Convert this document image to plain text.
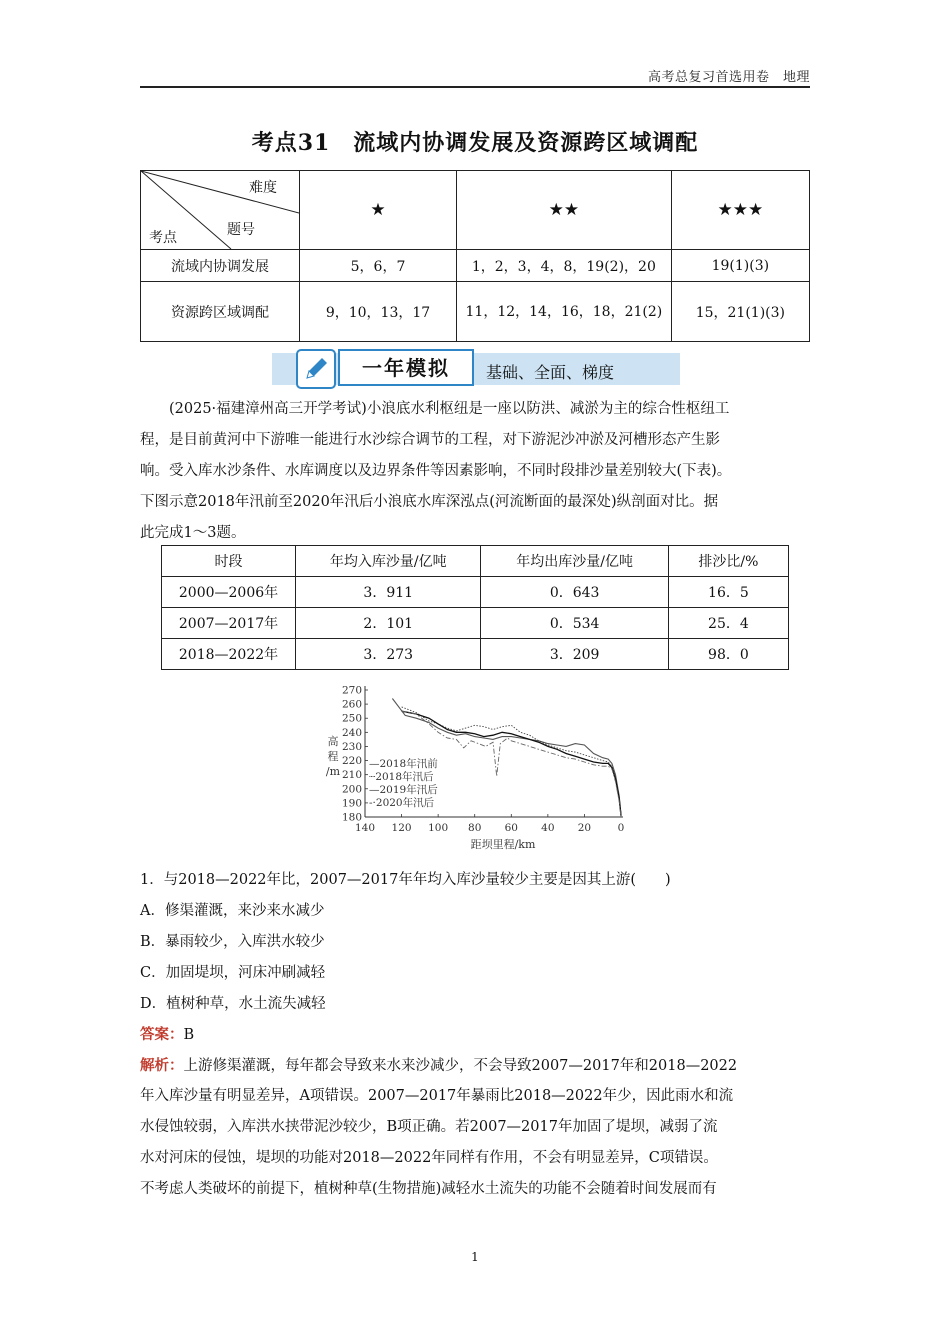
高考总复习首选用卷　地理
考点31　流域内协调发展及资源跨区域调配
难度
题号
考点	★	★★	★★★
流域内协调发展	5，6，7	1，2，3，4，8，19(2)，20	19(1)(3)
资源跨区域调配	9，10，13，17	11，12，14，16，18，21(2)	15，21(1)(3)
一年模拟	基础、全面、梯度
(2025·福建漳州高三开学考试)小浪底水利枢纽是一座以防洪、减淤为主的综合性枢纽工
程，是目前黄河中下游唯一能进行水沙综合调节的工程，对下游泥沙冲淤及河槽形态产生影
响。受入库水沙条件、水库调度以及边界条件等因素影响，不同时段排沙量差别较大(下表)。
下图示意2018年汛前至2020年汛后小浪底水库深泓点(河流断面的最深处)纵剖面对比。据
此完成1～3题。
时段	年均入库沙量/亿吨	年均出库沙量/亿吨	排沙比/%
2000—2006年	3．911	0．643	16．5
2007—2017年	2．101	0．534	25．4
2018—2022年	3．273	3．209	98．0
270
260
250
240
230
220
210
200
190
180
140 120 100 80 60 40 20	0
距坝里程/km
高
程
/m
—2018年汛前
┈2018年汛后
—2019年汛后
-·2020年汛后
1．与2018—2022年比，2007—2017年年均入库沙量较少主要是因其上游(　　)
A．修渠灌溉，来沙来水减少
B．暴雨较少，入库洪水较少
C．加固堤坝，河床冲刷减轻
D．植树种草，水土流失减轻
答案：B
解析：上游修渠灌溉，每年都会导致来水来沙减少，不会导致2007—2017年和2018—2022
年入库沙量有明显差异，A项错误。2007—2017年暴雨比2018—2022年少，因此雨水和流
水侵蚀较弱，入库洪水挟带泥沙较少，B项正确。若2007—2017年加固了堤坝，减弱了流
水对河床的侵蚀，堤坝的功能对2018—2022年同样有作用，不会有明显差异，C项错误。
不考虑人类破坏的前提下，植树种草(生物措施)减轻水土流失的功能不会随着时间发展而有
1
